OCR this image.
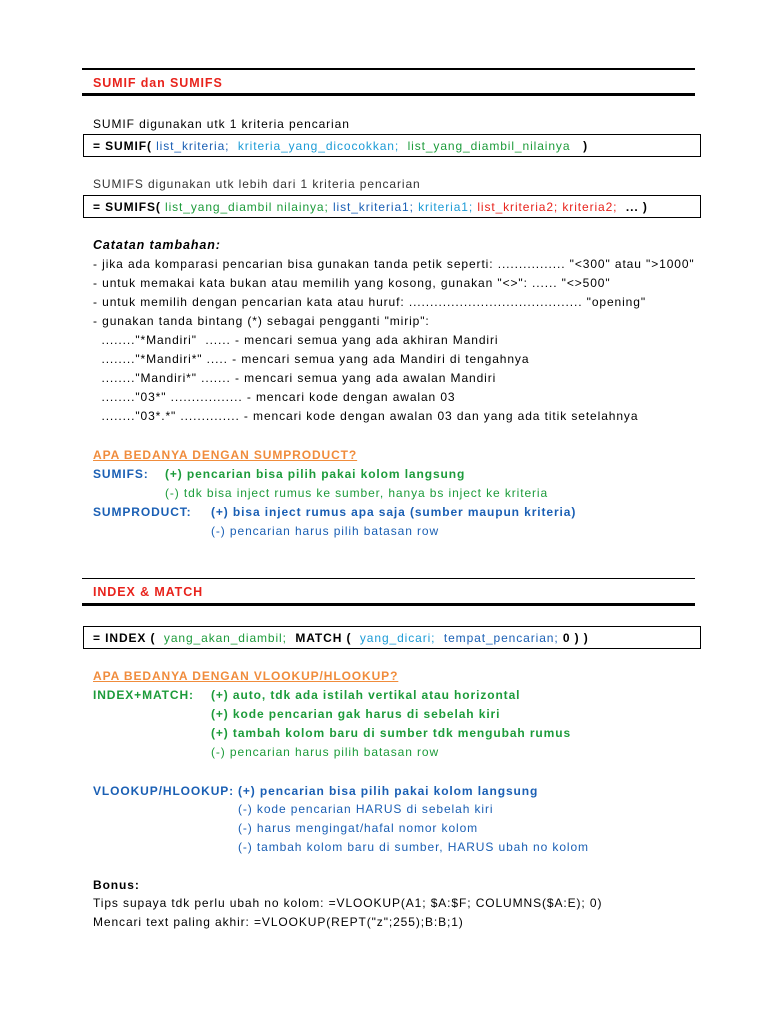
SUMIF dan SUMIFS
SUMIF digunakan utk 1 kriteria pencarian
= SUMIF( list_kriteria; kriteria_yang_dicocokkan; list_yang_diambil_nilainya )
SUMIFS digunakan utk lebih dari 1 kriteria pencarian
= SUMIFS( list_yang_diambil nilainya; list_kriteria1; kriteria1; list_kriteria2; kriteria2; ... )
Catatan tambahan:
- jika ada komparasi pencarian bisa gunakan tanda petik seperti: ................ "<300" atau ">1000"
- untuk memakai kata bukan atau memilih yang kosong, gunakan "<>": ...... "<>500"
- untuk memilih dengan pencarian kata atau huruf: ......................................... "opening"
- gunakan tanda bintang (*) sebagai pengganti "mirip":
........"*Mandiri"  ...... - mencari semua yang ada akhiran Mandiri
........"*Mandiri*" ..... - mencari semua yang ada Mandiri di tengahnya
........"Mandiri*" ....... - mencari semua yang ada awalan Mandiri
........"03*" ................. - mencari kode dengan awalan 03
........"03*.*" .............. - mencari kode dengan awalan 03 dan yang ada titik setelahnya
APA BEDANYA DENGAN SUMPRODUCT?
SUMIFS: (+) pencarian bisa pilih pakai kolom langsung
(-) tdk bisa inject rumus ke sumber, hanya bs inject ke kriteria
SUMPRODUCT: (+) bisa inject rumus apa saja (sumber maupun kriteria)
(-) pencarian harus pilih batasan row
INDEX & MATCH
= INDEX ( yang_akan_diambil; MATCH ( yang_dicari; tempat_pencarian; 0 ) )
APA BEDANYA DENGAN VLOOKUP/HLOOKUP?
INDEX+MATCH: (+) auto, tdk ada istilah vertikal atau horizontal
(+) kode pencarian gak harus di sebelah kiri
(+) tambah kolom baru di sumber tdk mengubah rumus
(-) pencarian harus pilih batasan row
VLOOKUP/HLOOKUP: (+) pencarian bisa pilih pakai kolom langsung
(-) kode pencarian HARUS di sebelah kiri
(-) harus mengingat/hafal nomor kolom
(-) tambah kolom baru di sumber, HARUS ubah no kolom
Bonus:
Tips supaya tdk perlu ubah no kolom: =VLOOKUP(A1; $A:$F; COLUMNS($A:E); 0)
Mencari text paling akhir: =VLOOKUP(REPT("z";255);B:B;1)
